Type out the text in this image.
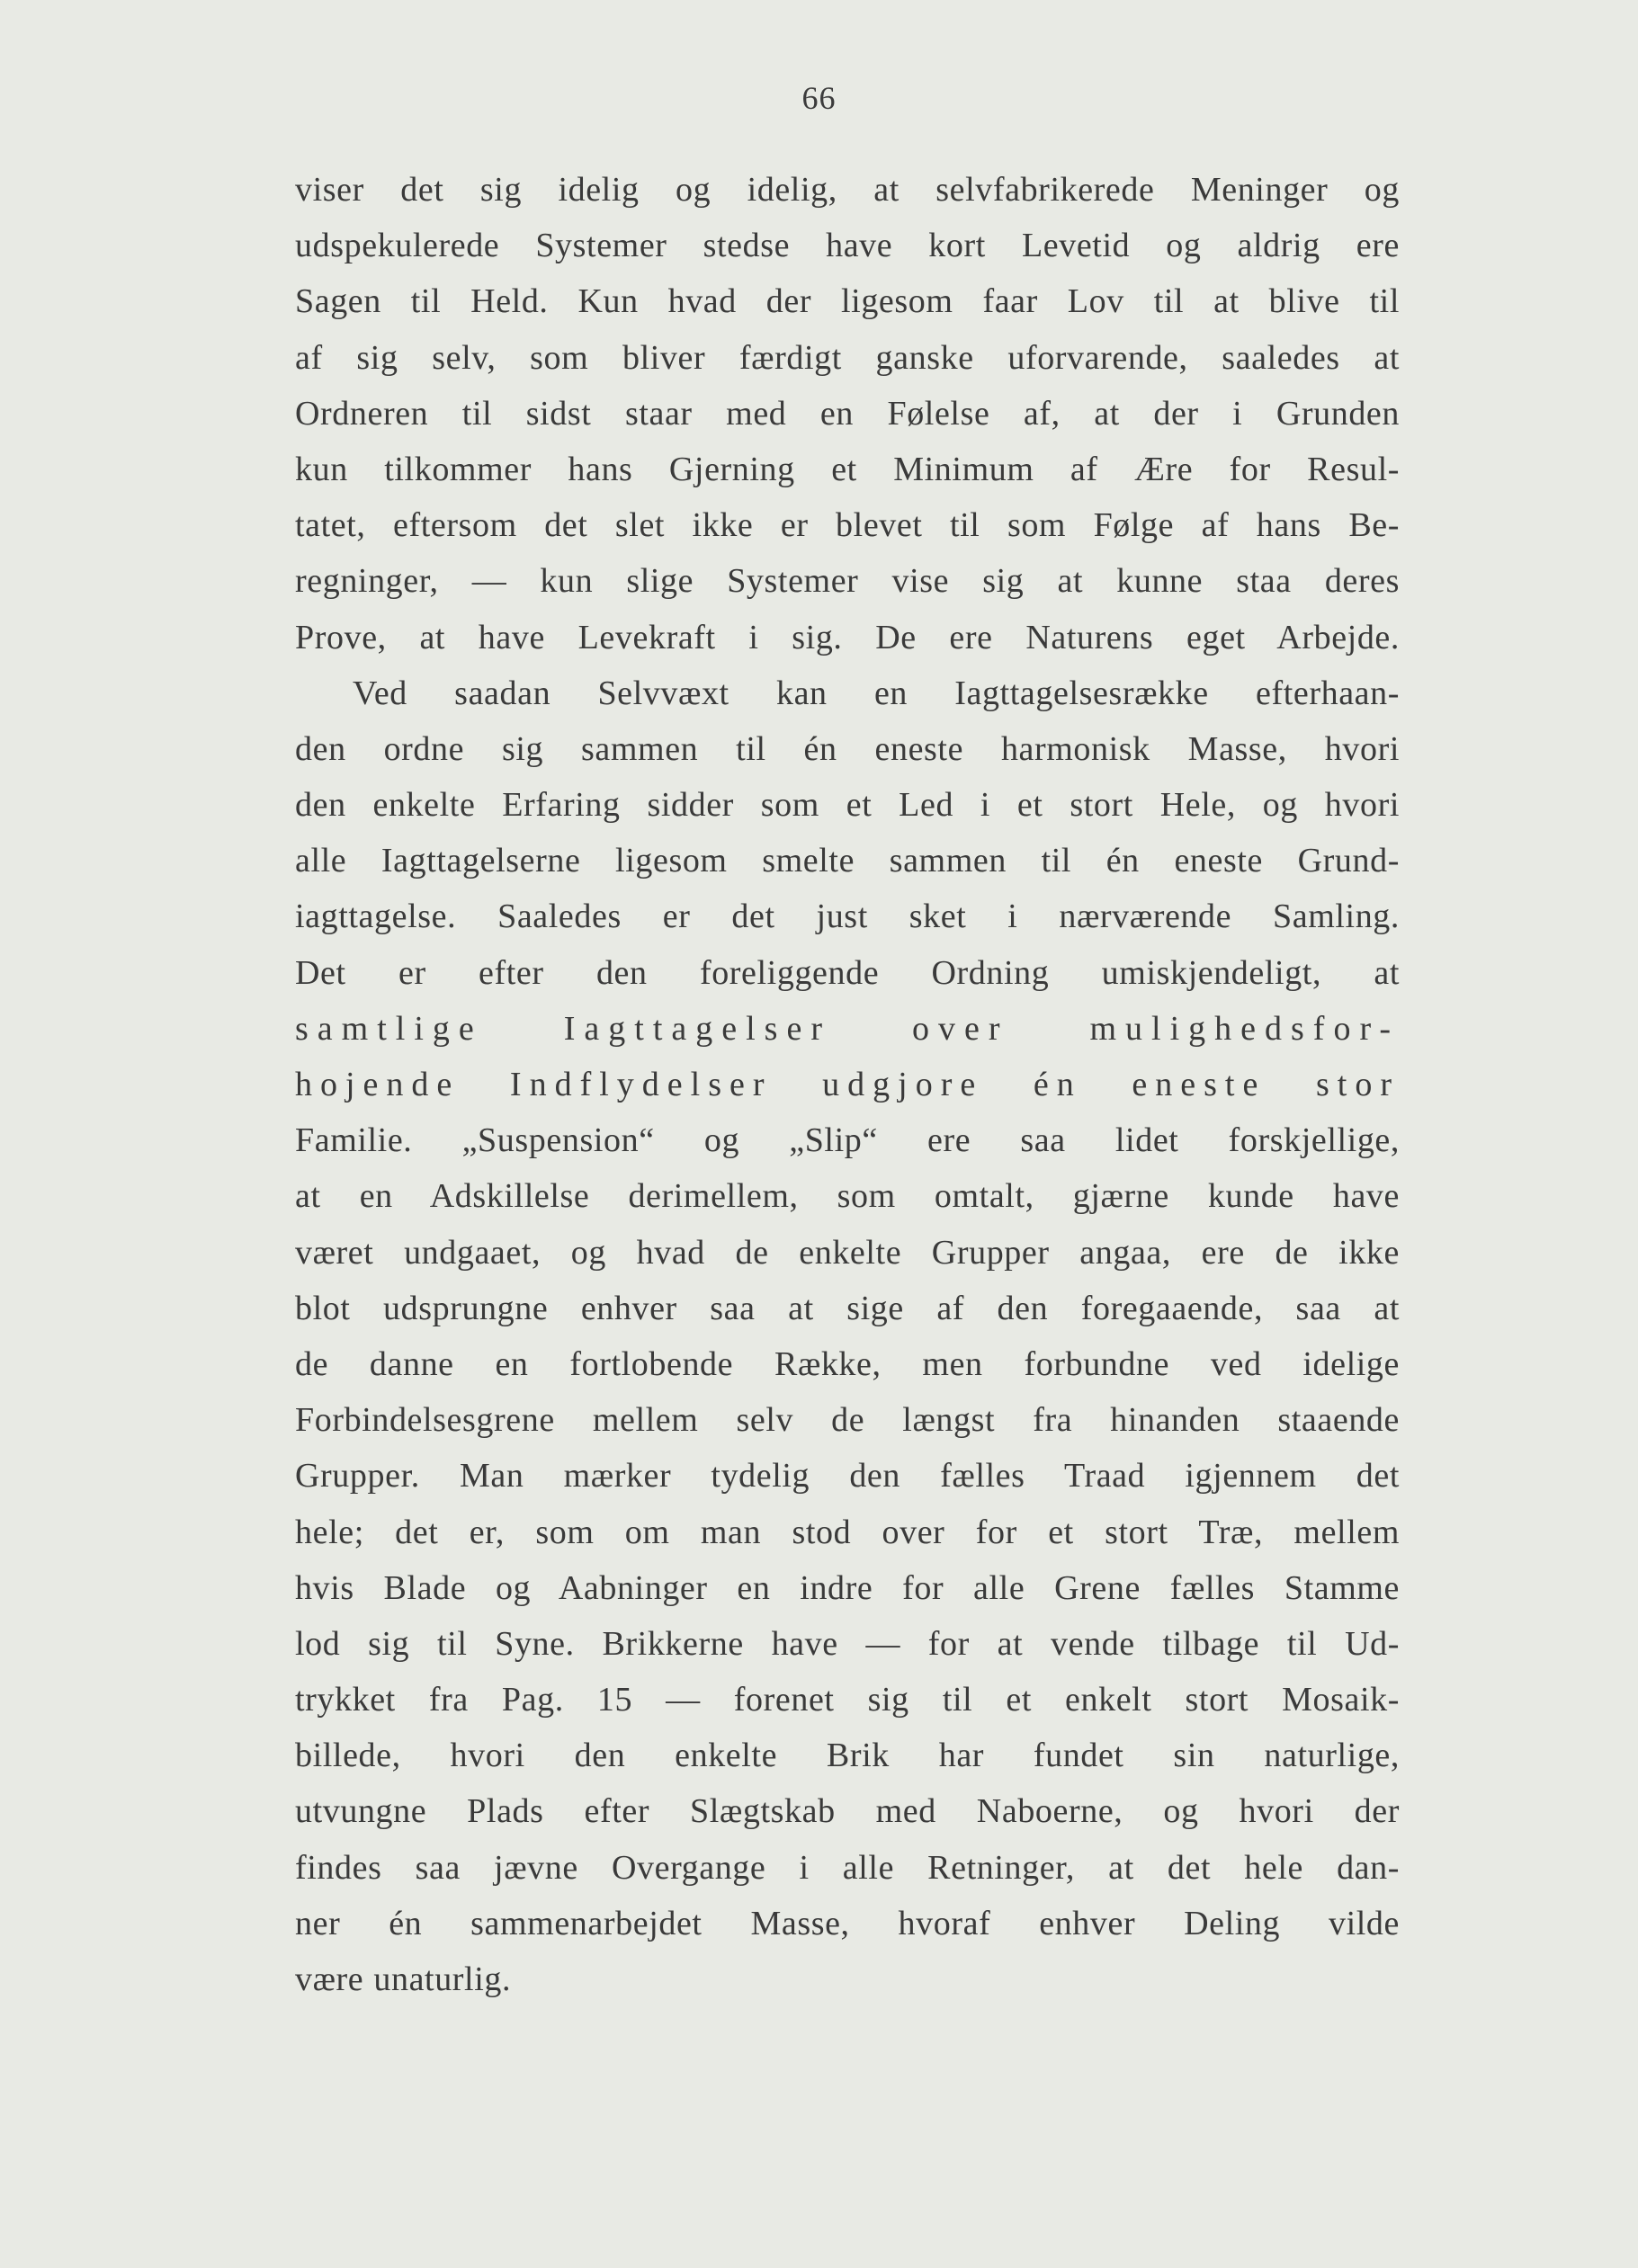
66
viser det sig idelig og idelig, at selvfabrikerede Meninger og
udspekulerede Systemer stedse have kort Levetid og aldrig ere
Sagen til Held. Kun hvad der ligesom faar Lov til at blive til
af sig selv, som bliver færdigt ganske uforvarende, saaledes at
Ordneren til sidst staar med en Følelse af, at der i Grunden
kun tilkommer hans Gjerning et Minimum af Ære for Resul-
tatet, eftersom det slet ikke er blevet til som Følge af hans Be-
regninger, — kun slige Systemer vise sig at kunne staa deres
Prove, at have Levekraft i sig. De ere Naturens eget Arbejde.
Ved saadan Selvvæxt kan en Iagttagelsesrække efterhaan-
den ordne sig sammen til én eneste harmonisk Masse, hvori
den enkelte Erfaring sidder som et Led i et stort Hele, og hvori
alle Iagttagelserne ligesom smelte sammen til én eneste Grund-
iagttagelse. Saaledes er det just sket i nærværende Samling.
Det er efter den foreliggende Ordning umiskjendeligt, at
samtlige Iagttagelser over mulighedsfor-
hojende Indflydelser udgjore én eneste stor
Familie. „Suspension“ og „Slip“ ere saa lidet forskjellige,
at en Adskillelse derimellem, som omtalt, gjærne kunde have
været undgaaet, og hvad de enkelte Grupper angaa, ere de ikke
blot udsprungne enhver saa at sige af den foregaaende, saa at
de danne en fortlobende Række, men forbundne ved idelige
Forbindelsesgrene mellem selv de længst fra hinanden staaende
Grupper. Man mærker tydelig den fælles Traad igjennem det
hele; det er, som om man stod over for et stort Træ, mellem
hvis Blade og Aabninger en indre for alle Grene fælles Stamme
lod sig til Syne. Brikkerne have — for at vende tilbage til Ud-
trykket fra Pag. 15 — forenet sig til et enkelt stort Mosaik-
billede, hvori den enkelte Brik har fundet sin naturlige,
utvungne Plads efter Slægtskab med Naboerne, og hvori der
findes saa jævne Overgange i alle Retninger, at det hele dan-
ner én sammenarbejdet Masse, hvoraf enhver Deling vilde
være unaturlig.
